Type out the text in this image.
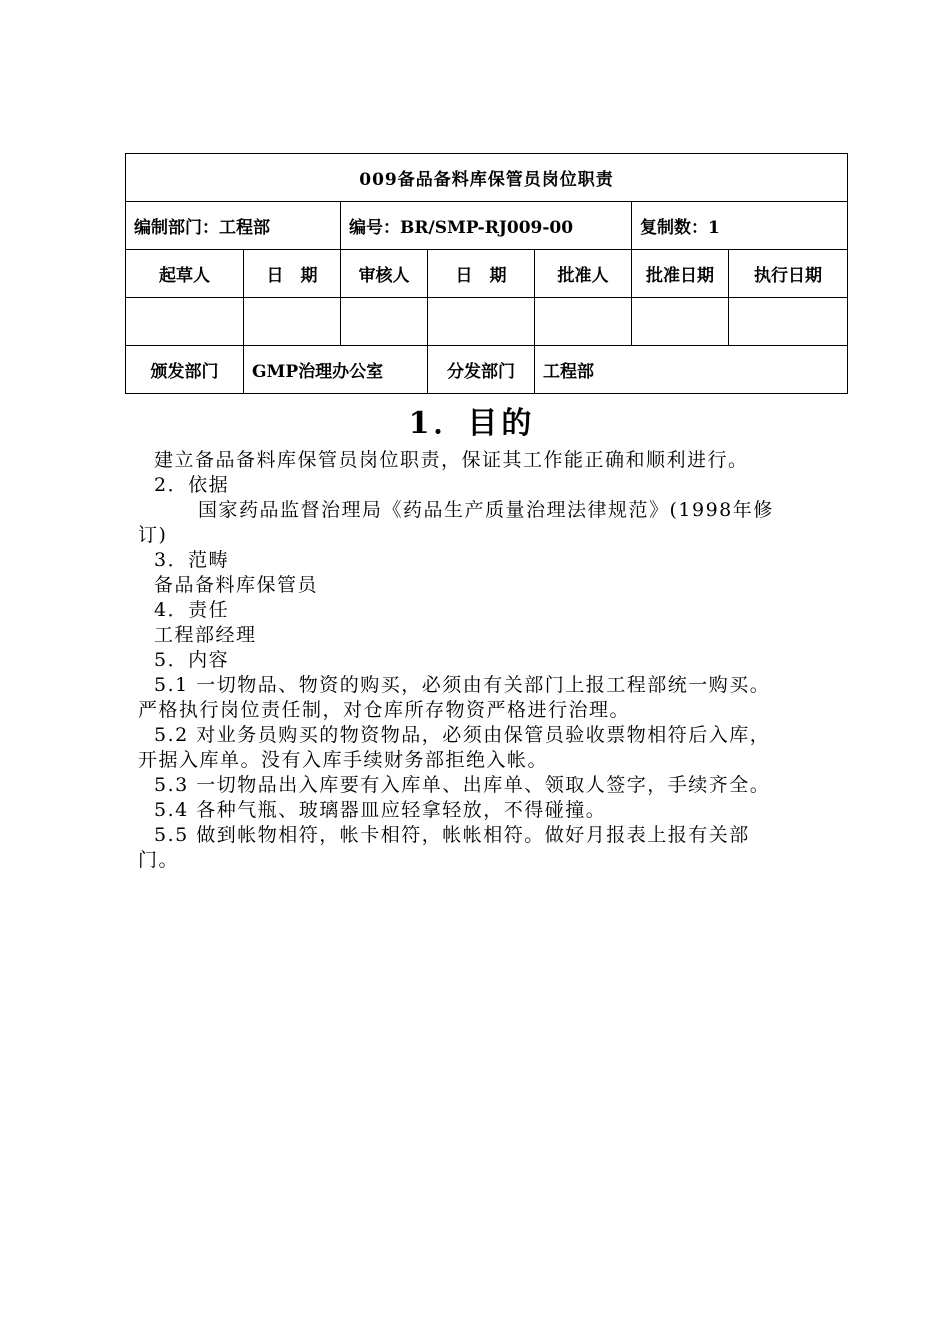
009备品备料库保管员岗位职责						
编制部门：工程部		编号：BR/SMP-RJ009-00			复制数：1	
起草人	日　期	审核人	日　期	批准人	批准日期	执行日期

颁发部门	GMP治理办公室		分发部门	工程部		
1．目的
建立备品备料库保管员岗位职责，保证其工作能正确和顺利进行。
2．依据
国家药品监督治理局《药品生产质量治理法律规范》(1998年修
订)
3．范畴
备品备料库保管员
4．责任
工程部经理
5．内容
5.1 一切物品、物资的购买，必须由有关部门上报工程部统一购买。
严格执行岗位责任制，对仓库所存物资严格进行治理。
5.2 对业务员购买的物资物品，必须由保管员验收票物相符后入库，
开据入库单。没有入库手续财务部拒绝入帐。
5.3 一切物品出入库要有入库单、出库单、领取人签字，手续齐全。
5.4 各种气瓶、玻璃器皿应轻拿轻放，不得碰撞。
5.5 做到帐物相符，帐卡相符，帐帐相符。做好月报表上报有关部
门。
